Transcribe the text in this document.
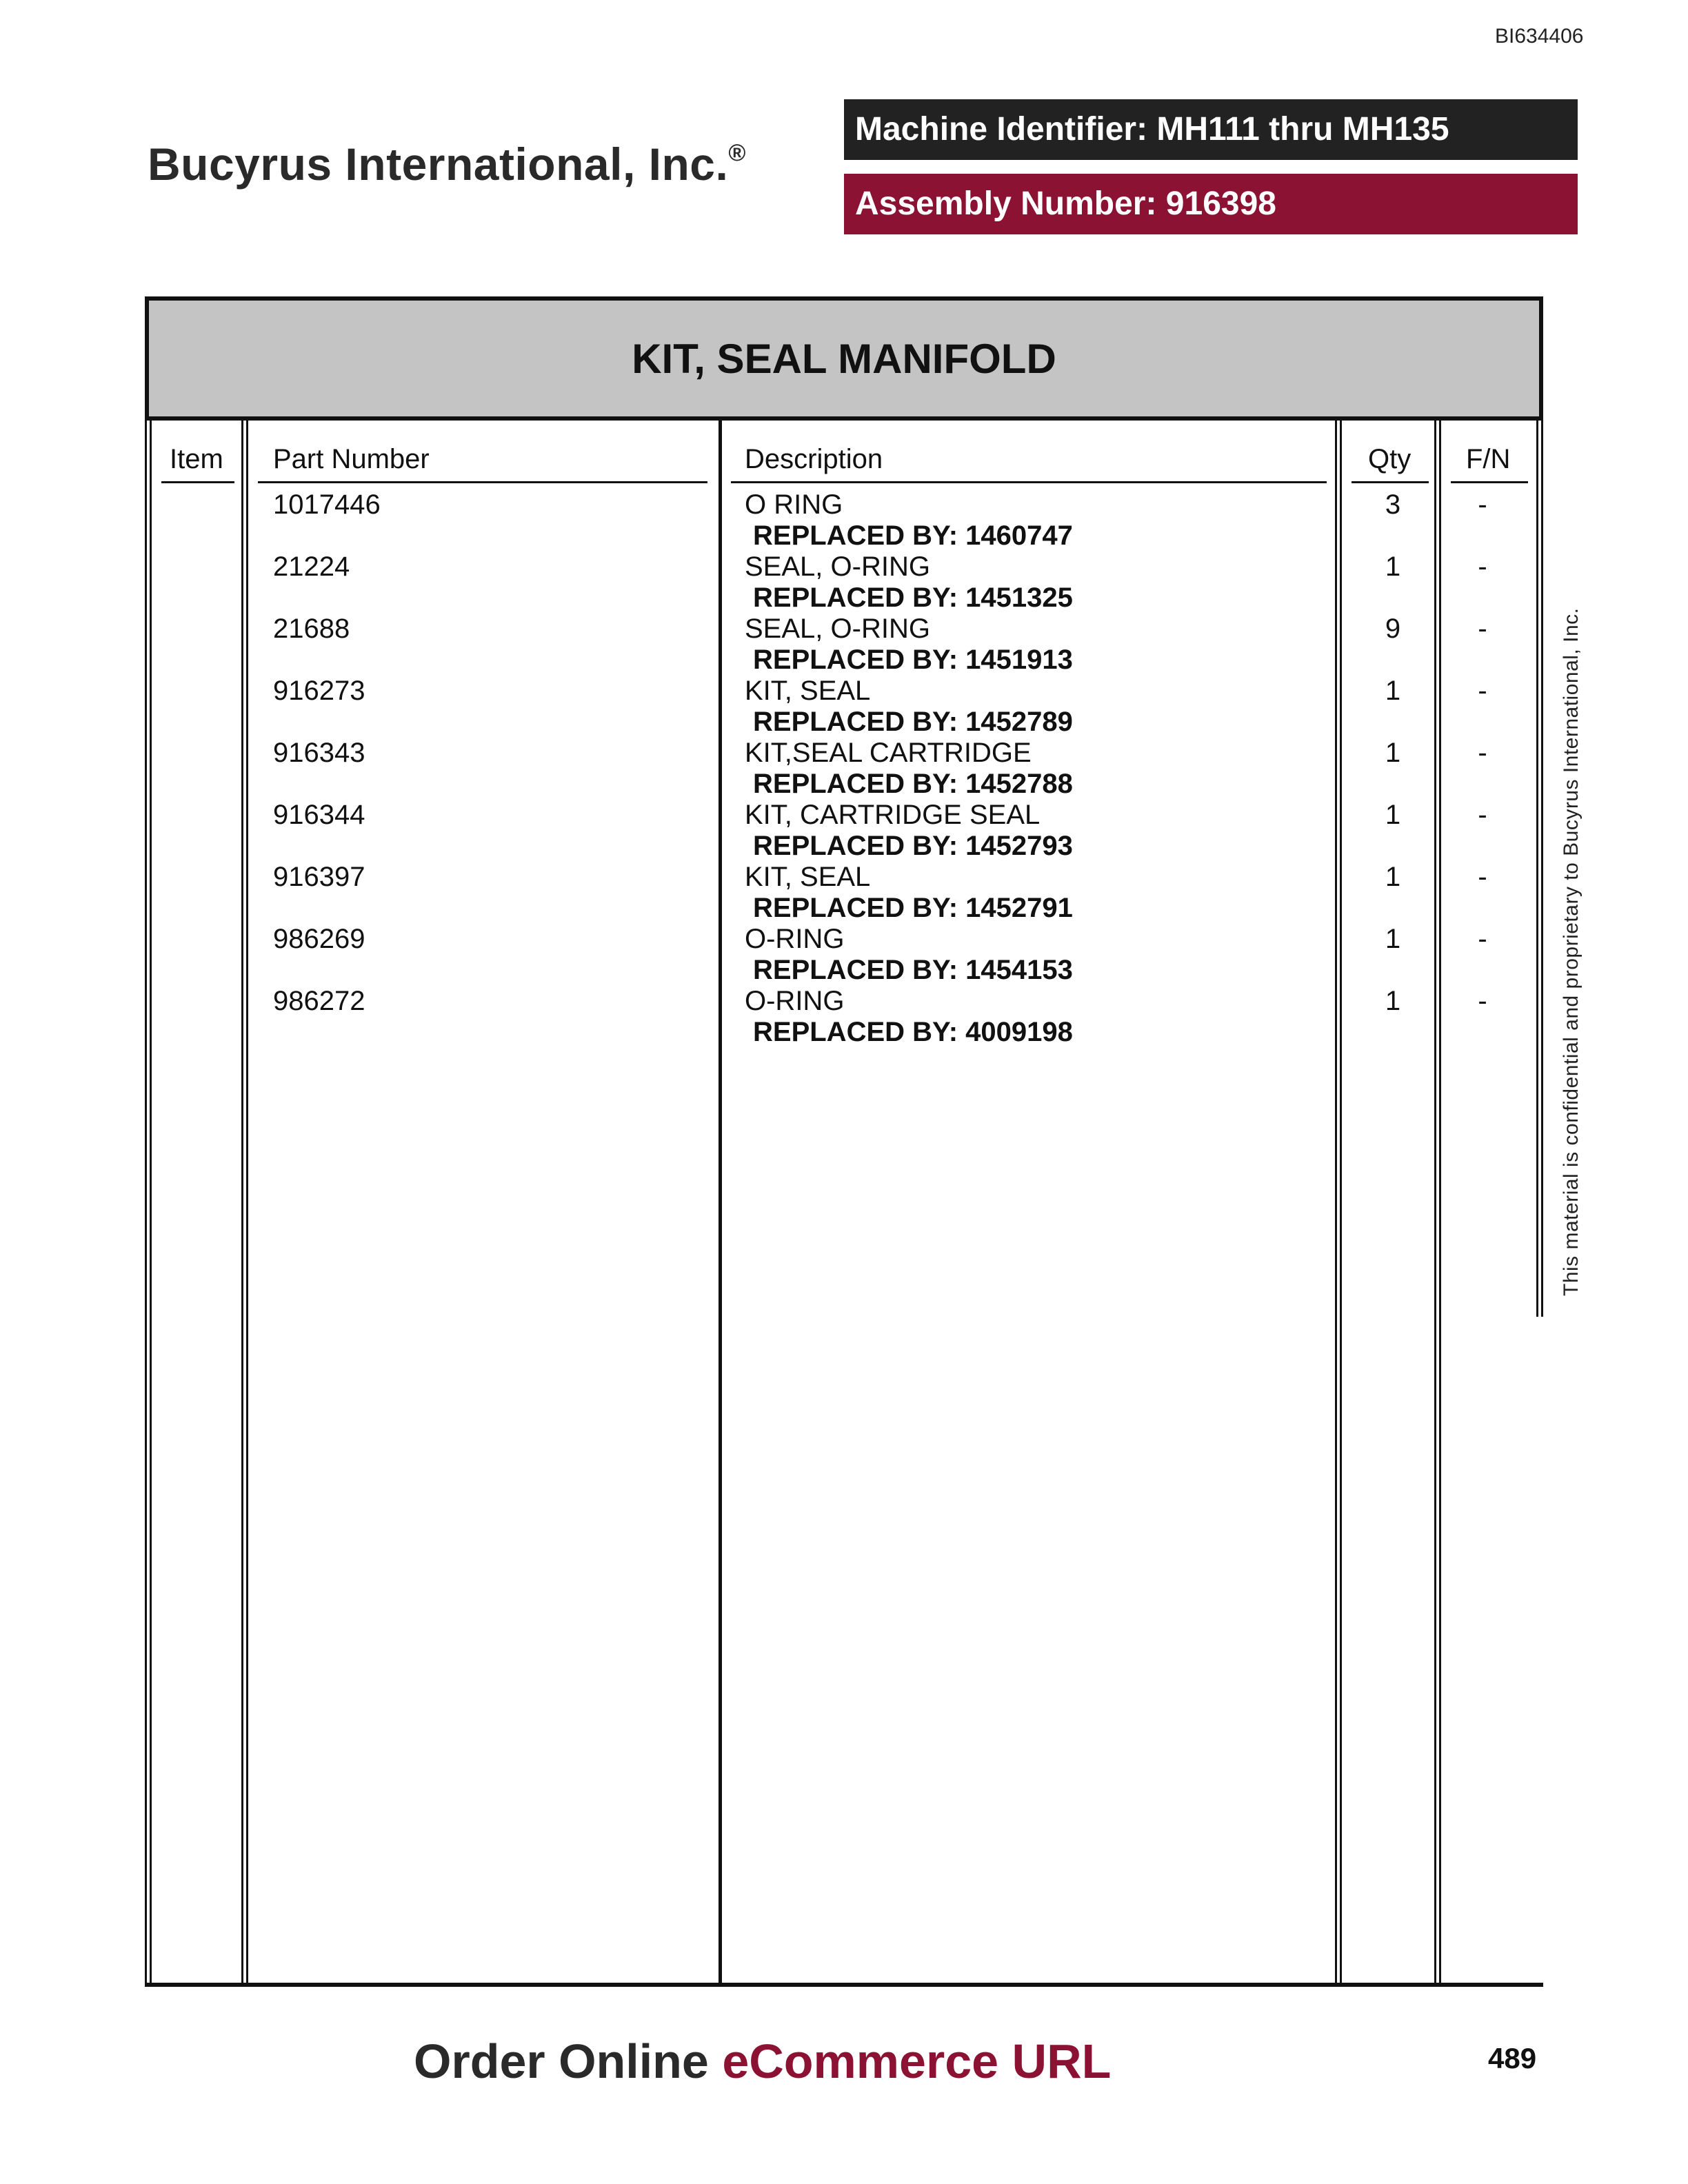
BI634406
Bucyrus International, Inc.®
Machine Identifier: MH111 thru MH135
Assembly Number: 916398
KIT, SEAL MANIFOLD
Item Part Number	Description	Qty F/N
1017446	O RING
REPLACED BY: 1460747
3	-
21224	SEAL, O-RING
REPLACED BY: 1451325
1	-
21688	SEAL, O-RING
REPLACED BY: 1451913
9	-
916273	KIT, SEAL
REPLACED BY: 1452789
1	-
916343	KIT,SEAL CARTRIDGE
REPLACED BY: 1452788
1	-
916344	KIT, CARTRIDGE SEAL
REPLACED BY: 1452793
1	-
916397	KIT, SEAL
REPLACED BY: 1452791
1	-
986269	O-RING
REPLACED BY: 1454153
1	-
986272	O-RING
REPLACED BY: 4009198
1	-	This material is confidential and proprietary to Bucyrus International, Inc.
Order Online eCommerce URL	489
